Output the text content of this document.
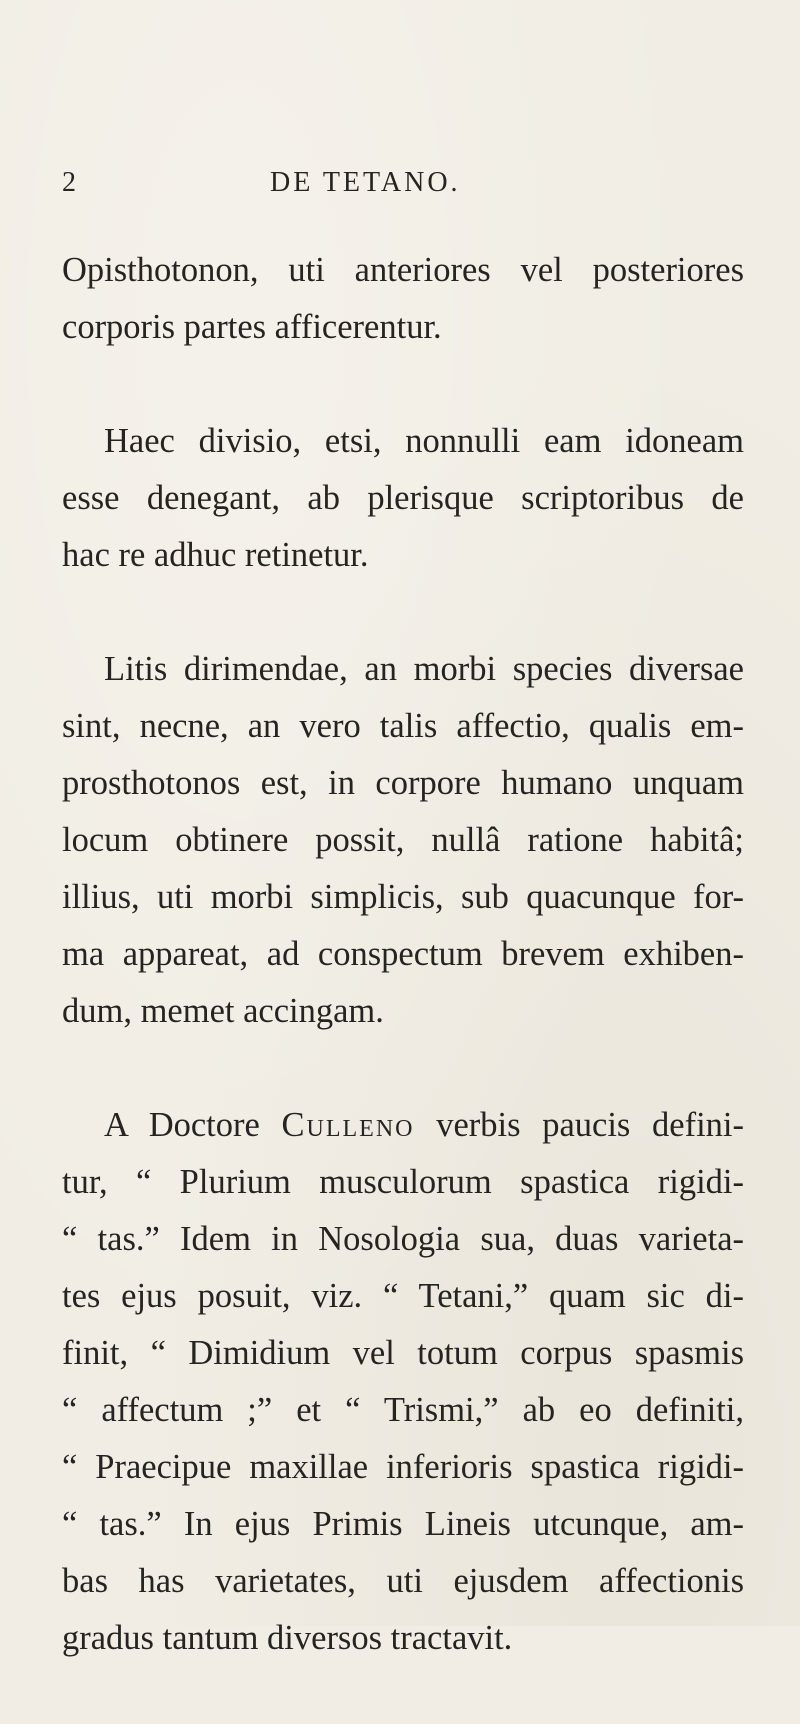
2	DE TETANO.
Opisthotonon, uti anteriores vel posteriores
corporis partes afficerentur.
Haec divisio, etsi, nonnulli eam idoneam
esse denegant, ab plerisque scriptoribus de
hac re adhuc retinetur.
Litis dirimendae, an morbi species diversae
sint, necne, an vero talis affectio, qualis em-
prosthotonos est, in corpore humano unquam
locum obtinere possit, nullâ ratione habitâ;
illius, uti morbi simplicis, sub quacunque for-
ma appareat, ad conspectum brevem exhiben-
dum, memet accingam.
A Doctore Culleno verbis paucis defini-
tur, “ Plurium musculorum spastica rigidi-
“ tas.” Idem in Nosologia sua, duas varieta-
tes ejus posuit, viz. “ Tetani,” quam sic di-
finit, “ Dimidium vel totum corpus spasmis
“ affectum ;” et “ Trismi,” ab eo definiti,
“ Praecipue maxillae inferioris spastica rigidi-
“ tas.” In ejus Primis Lineis utcunque, am-
bas has varietates, uti ejusdem affectionis
gradus tantum diversos tractavit.
